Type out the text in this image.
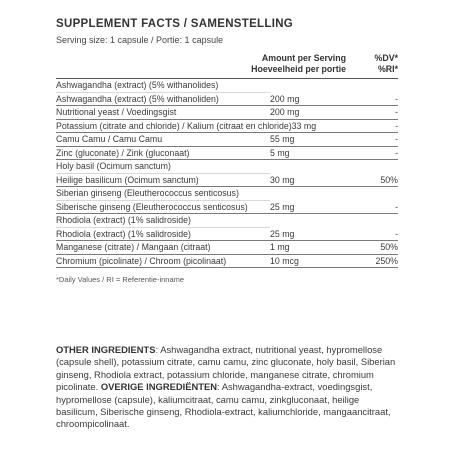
SUPPLEMENT FACTS / SAMENSTELLING
Serving size: 1 capsule / Portie: 1 capsule
Amount per Serving
Hoeveelheid per portie
%DV*
%RI*
Ashwagandha (extract) (5% withanolides)
Ashwagandha (extract) (5% withanoliden)	200 mg	-
Nutritional yeast / Voedingsgist	200 mg	-
Potassium (citrate and chloride) / Kalium (citraat en chloride) 33 mg	-
Camu Camu / Camu Camu	55 mg	-
Zinc (gluconate) / Zink (gluconaat)	5 mg	-
Holy basil (Ocimum sanctum)
Heilige basilicum (Ocimum sanctum)	30 mg	50%
Siberian ginseng (Eleutherococcus senticosus)
Siberische ginseng (Eleutherococcus senticosus)	25 mg	-
Rhodiola (extract) (1% salidroside)
Rhodiola (extract) (1% salidroside)	25 mg	-
Manganese (citrate) / Mangaan (citraat)	1 mg	50%
Chromium (picolinate) / Chroom (picolinaat)	10 mcg	250%
*Daily Values / RI = Referentie-inname
OTHER INGREDIENTS: Ashwagandha extract, nutritional yeast, hypromellose (capsule shell), potassium citrate, camu camu, zinc gluconate, holy basil, Siberian ginseng, Rhodiola extract, potassium chloride, manganese citrate, chromium picolinate. OVERIGE INGREDIËNTEN: Ashwagandha-extract, voedingsgist, hypromellose (capsule), kaliumcitraat, camu camu, zinkgluconaat, heilige basilicum, Siberische ginseng, Rhodiola-extract, kaliumchloride, mangaancitraat, chroompicolinaat.
